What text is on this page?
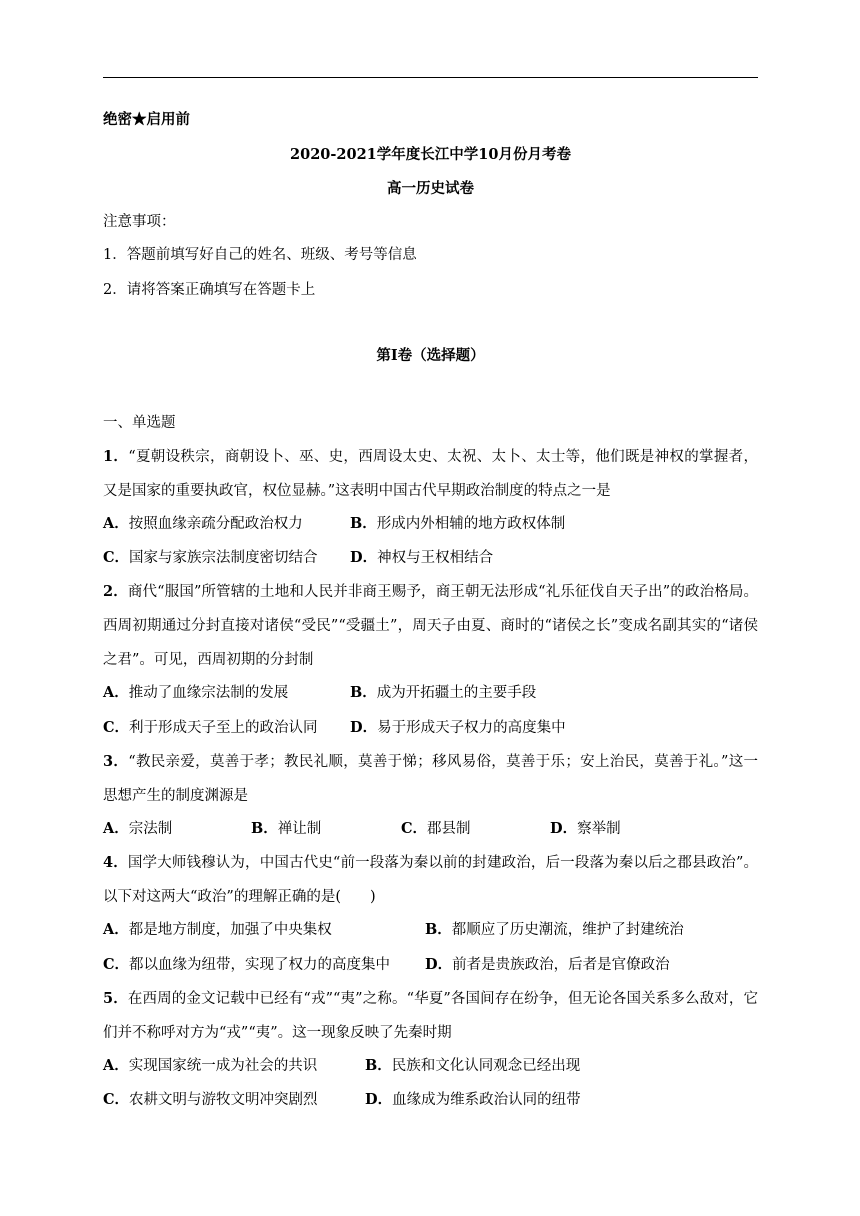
绝密★启用前
2020-2021学年度长江中学10月份月考卷
高一历史试卷
注意事项：
1．答题前填写好自己的姓名、班级、考号等信息
2．请将答案正确填写在答题卡上
第I卷（选择题）
一、单选题
1．“夏朝设秩宗，商朝设卜、巫、史，西周设太史、太祝、太卜、太士等，他们既是神权的掌握者，又是国家的重要执政官，权位显赫。”这表明中国古代早期政治制度的特点之一是
A．按照血缘亲疏分配政治权力	B．形成内外相辅的地方政权体制
C．国家与家族宗法制度密切结合 D．神权与王权相结合
2．商代“服国”所管辖的土地和人民并非商王赐予，商王朝无法形成“礼乐征伐自天子出”的政治格局。西周初期通过分封直接对诸侯“受民”“受疆土”，周天子由夏、商时的“诸侯之长”变成名副其实的“诸侯之君”。可见，西周初期的分封制
A．推动了血缘宗法制的发展	B．成为开拓疆土的主要手段
C．利于形成天子至上的政治认同 D．易于形成天子权力的高度集中
3．“教民亲爱，莫善于孝；教民礼顺，莫善于悌；移风易俗，莫善于乐；安上治民，莫善于礼。”这一思想产生的制度渊源是
A．宗法制	B．禅让制	C．郡县制	D．察举制
4．国学大师钱穆认为，中国古代史“前一段落为秦以前的封建政治，后一段落为秦以后之郡县政治”。以下对这两大“政治”的理解正确的是(　　)
A．都是地方制度，加强了中央集权	B．都顺应了历史潮流，维护了封建统治
C．都以血缘为纽带，实现了权力的高度集中 D．前者是贵族政治，后者是官僚政治
5．在西周的金文记载中已经有“戎”“夷”之称。“华夏”各国间存在纷争，但无论各国关系多么敌对，它们并不称呼对方为“戎”“夷”。这一现象反映了先秦时期
A．实现国家统一成为社会的共识	B．民族和文化认同观念已经出现
C．农耕文明与游牧文明冲突剧烈	D．血缘成为维系政治认同的纽带
